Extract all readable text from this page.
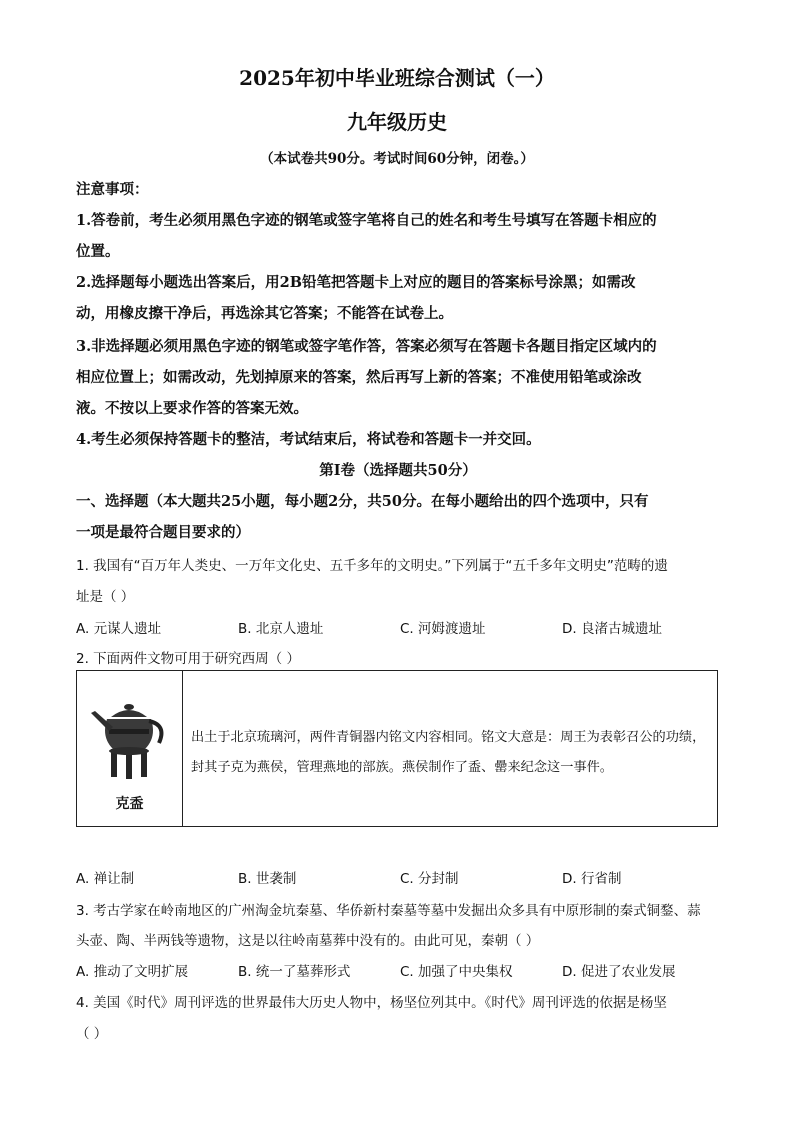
2025年初中毕业班综合测试（一）
九年级历史
（本试卷共90分。考试时间60分钟，闭卷。）
注意事项：
1.答卷前，考生必须用黑色字迹的钢笔或签字笔将自己的姓名和考生号填写在答题卡相应的
位置。
2.选择题每小题选出答案后，用2B铅笔把答题卡上对应的题目的答案标号涂黑；如需改
动，用橡皮擦干净后，再选涂其它答案；不能答在试卷上。
3.非选择题必须用黑色字迹的钢笔或签字笔作答，答案必须写在答题卡各题目指定区域内的
相应位置上；如需改动，先划掉原来的答案，然后再写上新的答案；不准使用铅笔或涂改
液。不按以上要求作答的答案无效。
4.考生必须保持答题卡的整洁，考试结束后，将试卷和答题卡一并交回。
第Ⅰ卷（选择题共50分）
一、选择题（本大题共25小题，每小题2分，共50分。在每小题给出的四个选项中，只有
一项是最符合题目要求的）
1. 我国有“百万年人类史、一万年文化史、五千多年的文明史。”下列属于“五千多年文明史”范畴的遗
址是（ ）
A. 元谋人遗址	B. 北京人遗址	C. 河姆渡遗址	D. 良渚古城遗址
2. 下面两件文物可用于研究西周（ ）
克盉
出土于北京琉璃河，两件青铜器内铭文内容相同。铭文大意是：周王为表彰召公的功绩，封其子克为燕侯，管理燕地的部族。燕侯制作了盉、罍来纪念这一事件。
A. 禅让制	B. 世袭制	C. 分封制	D. 行省制
3. 考古学家在岭南地区的广州淘金坑秦墓、华侨新村秦墓等墓中发掘出众多具有中原形制的秦式铜鍪、蒜
头壶、陶、半两钱等遗物，这是以往岭南墓葬中没有的。由此可见，秦朝（ ）
A. 推动了文明扩展	B. 统一了墓葬形式	C. 加强了中央集权	D. 促进了农业发展
4. 美国《时代》周刊评选的世界最伟大历史人物中，杨坚位列其中。《时代》周刊评选的依据是杨坚
（ ）
